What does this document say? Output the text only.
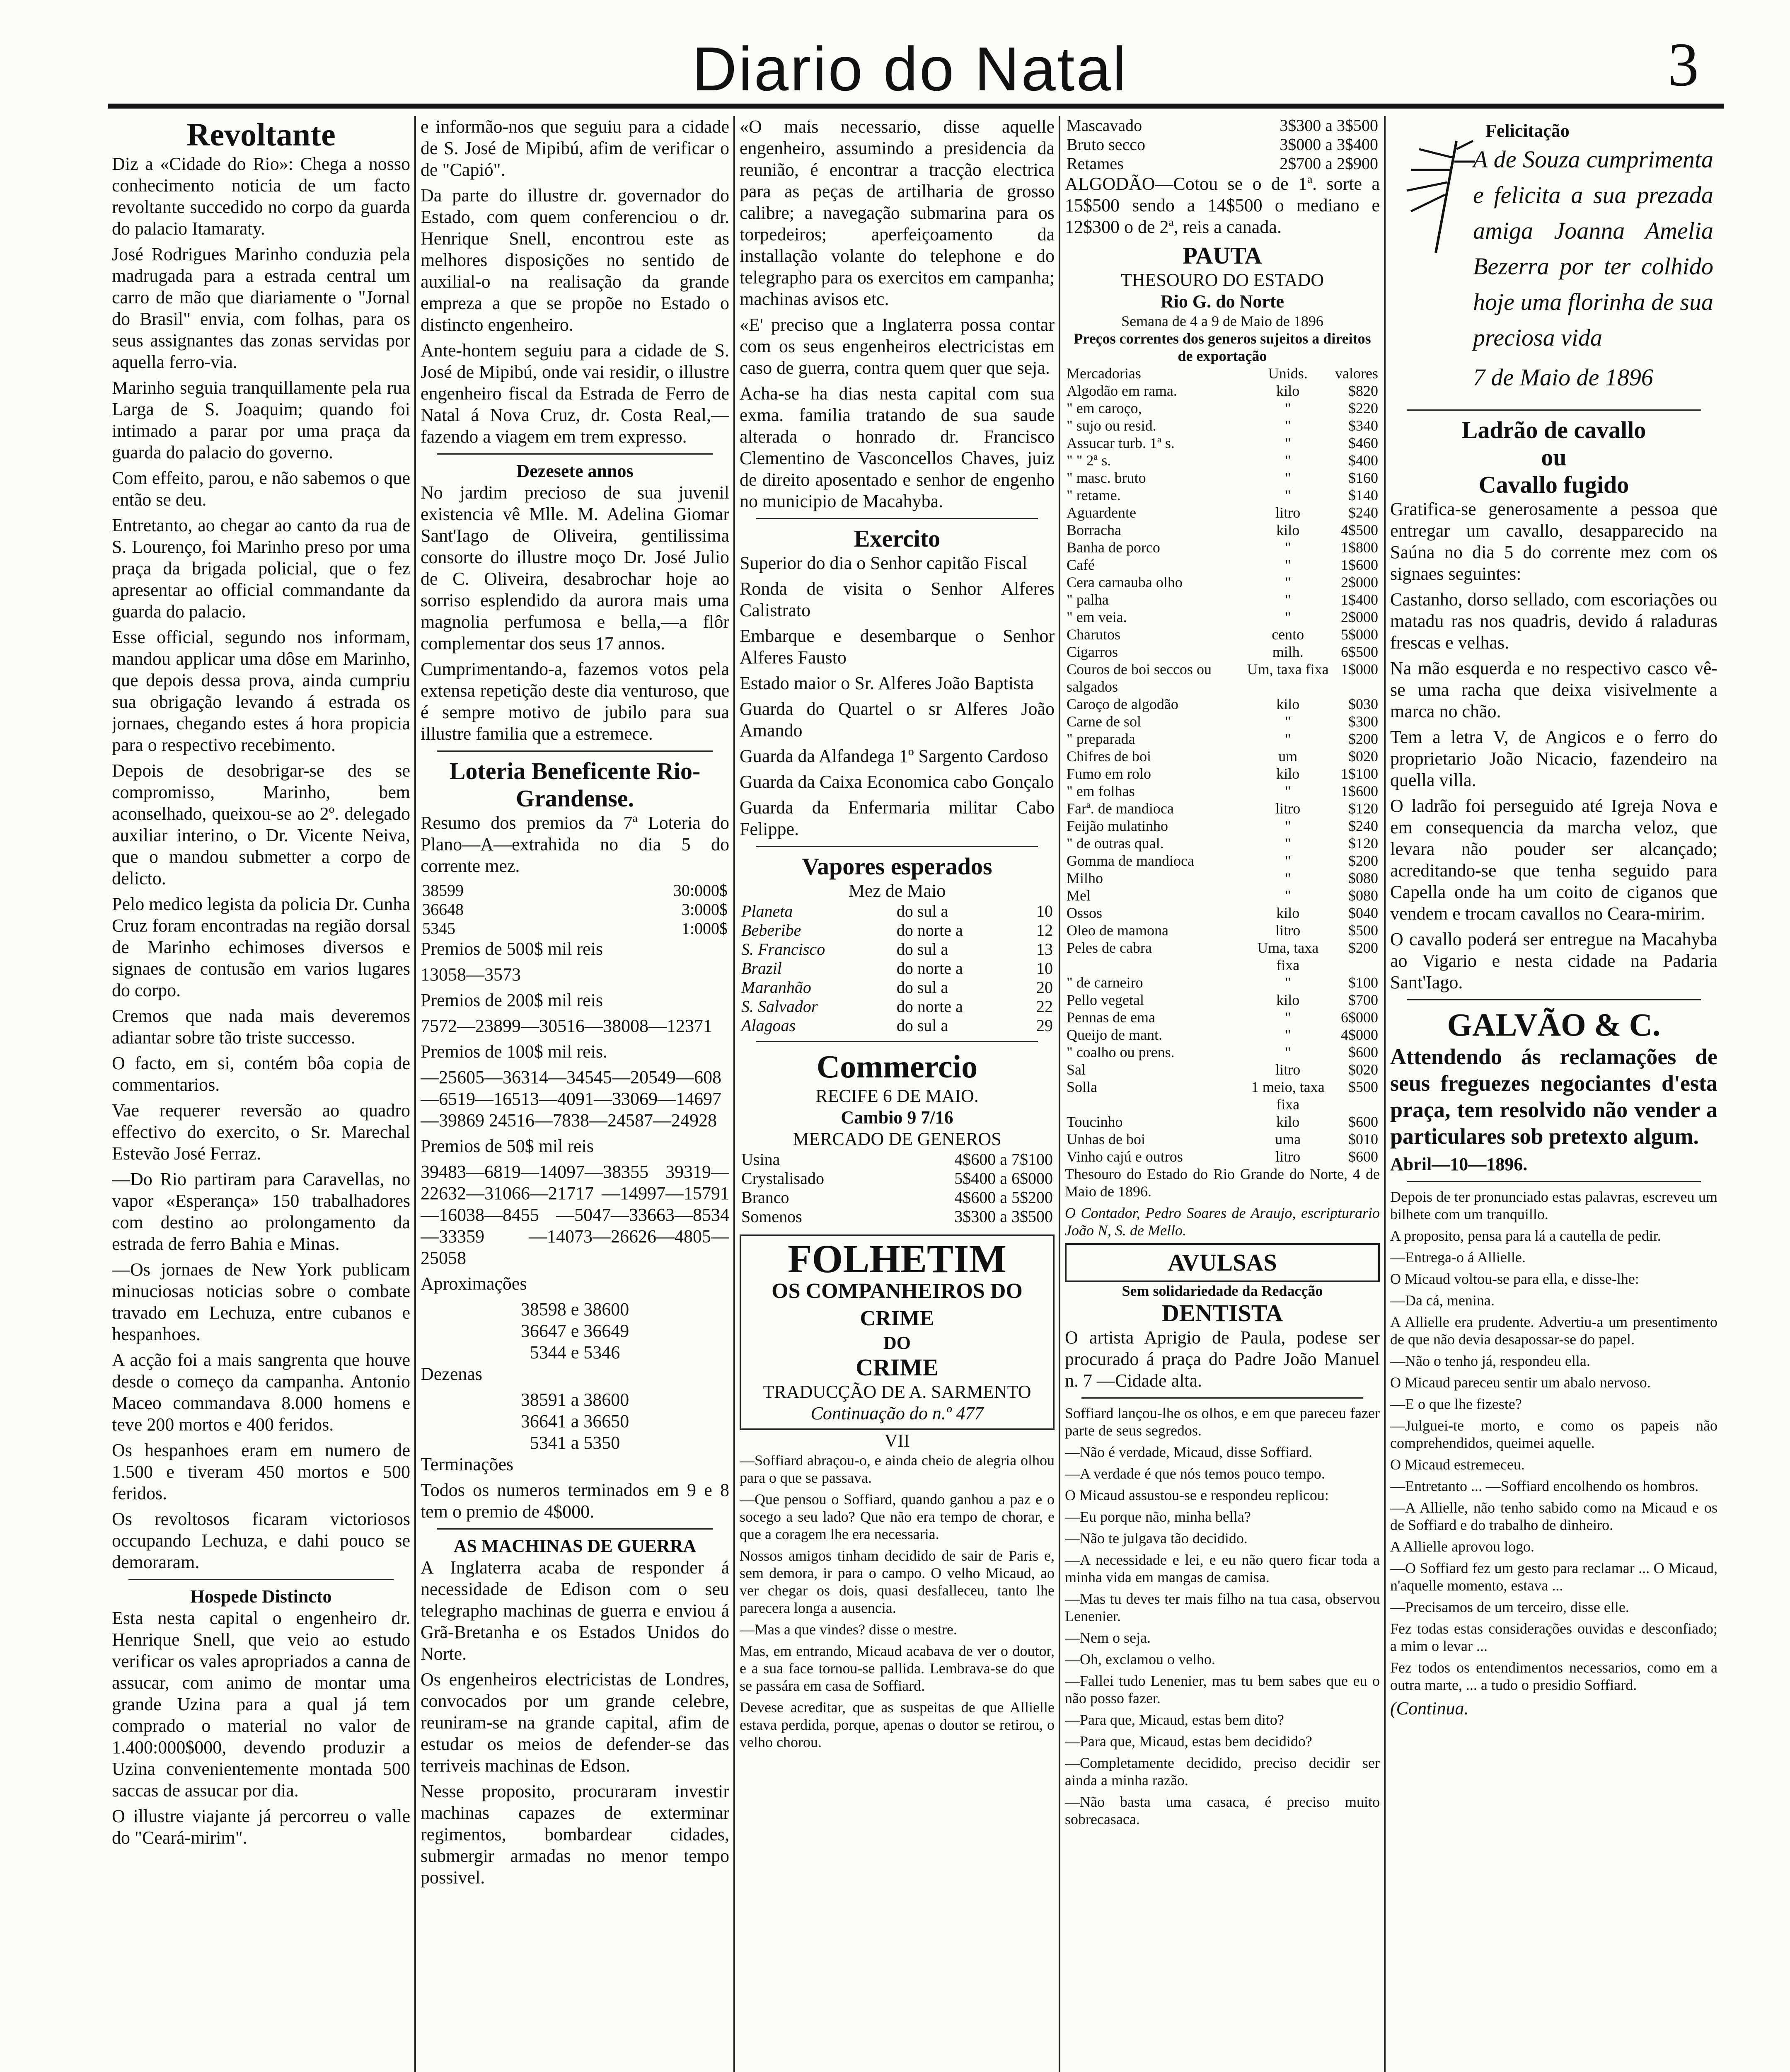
Diario do Natal	3
Revoltante

Diz a «Cidade do Rio»: Chega a nosso conhecimento noticia de um facto revoltante succedido no corpo da guarda do palacio Itamaraty.

José Rodrigues Marinho conduzia pela madrugada para a estrada central um carro de mão que diariamente o "Jornal do Brasil" envia, com folhas, para os seus assignantes das zonas servidas por aquella ferro-via.

Marinho seguia tranquillamente pela rua Larga de S. Joaquim; quando foi intimado a parar por uma praça da guarda do palacio do governo.

Com effeito, parou, e não sabemos o que então se deu.

Entretanto, ao chegar ao canto da rua de S. Lourenço, foi Marinho preso por uma praça da brigada policial, que o fez apresentar ao official commandante da guarda do palacio.

Esse official, segundo nos informam, mandou applicar uma dôse em Marinho, que depois dessa prova, ainda cumpriu sua obrigação levando á estrada os jornaes, chegando estes á hora propicia para o respectivo recebimento.

Depois de desobrigar-se des se compromisso, Marinho, bem aconselhado, queixou-se ao 2º. delegado auxiliar interino, o Dr. Vicente Neiva, que o mandou submetter a corpo de delicto.

Pelo medico legista da policia Dr. Cunha Cruz foram encontradas na região dorsal de Marinho echimoses diversos e signaes de contusão em varios lugares do corpo.

Cremos que nada mais deveremos adiantar sobre tão triste successo.

O facto, em si, contém bôa copia de commentarios.

Vae requerer reversão ao quadro effectivo do exercito, o Sr. Marechal Estevão José Ferraz.

—Do Rio partiram para Caravellas, no vapor «Esperança» 150 trabalhadores com destino ao prolongamento da estrada de ferro Bahia e Minas.

—Os jornaes de New York publicam minuciosas noticias sobre o combate travado em Lechuza, entre cubanos e hespanhoes.

A acção foi a mais sangrenta que houve desde o começo da campanha. Antonio Maceo commandava 8.000 homens e teve 200 mortos e 400 feridos.

Os hespanhoes eram em numero de 1.500 e tiveram 450 mortos e 500 feridos.

Os revoltosos ficaram victoriosos occupando Lechuza, e dahi pouco se demoraram.

Hospede Distincto

Esta nesta capital o engenheiro dr. Henrique Snell, que veio ao estudo verificar os vales apropriados a canna de assucar, com animo de montar uma grande Uzina para a qual já tem comprado o material no valor de 1.400:000$000, devendo produzir a Uzina convenientemente montada 500 saccas de assucar por dia.

O illustre viajante já percorreu o valle do "Ceará-mirim".

e informão-nos que seguiu para a cidade de S. José de Mipibú, afim de verificar o de "Capió".

Da parte do illustre dr. governador do Estado, com quem conferenciou o dr. Henrique Snell, encontrou este as melhores disposições no sentido de auxilial-o na realisação da grande empreza a que se propõe no Estado o distincto engenheiro.

Ante-hontem seguiu para a cidade de S. José de Mipibú, onde vai residir, o illustre engenheiro fiscal da Estrada de Ferro de Natal á Nova Cruz, dr. Costa Real,—fazendo a viagem em trem expresso.

Dezesete annos

No jardim precioso de sua juvenil existencia vê Mlle. M. Adelina Giomar Sant'Iago de Oliveira, gentilissima consorte do illustre moço Dr. José Julio de C. Oliveira, desabrochar hoje ao sorriso esplendido da aurora mais uma magnolia perfumosa e bella,—a flôr complementar dos seus 17 annos.

Cumprimentando-a, fazemos votos pela extensa repetição deste dia venturoso, que é sempre motivo de jubilo para sua illustre familia que a estremece.

Loteria Beneficente Rio-Grandense.

Resumo dos premios da 7ª Loteria do Plano—A—extrahida no dia 5 do corrente mez.

38599	30:000$
36648	3:000$
5345	1:000$

Premios de 500$ mil reis

13058—3573

Premios de 200$ mil reis

7572—23899—30516—38008—12371

Premios de 100$ mil reis.

—25605—36314—34545—20549—608—6519—16513—4091—33069—14697—39869 24516—7838—24587—24928

Premios de 50$ mil reis

39483—6819—14097—38355 39319—22632—31066—21717 —14997—15791—16038—8455 —5047—33663—8534—33359 —14073—26626—4805—25058

Aproximações

38598 e 38600
36647 e 36649
5344 e 5346

Dezenas

38591 a 38600
36641 a 36650
5341 a 5350

Terminações

Todos os numeros terminados em 9 e 8 tem o premio de 4$000.

AS MACHINAS DE GUERRA

A Inglaterra acaba de responder á necessidade de Edison com o seu telegrapho machinas de guerra e enviou á Grã-Bretanha e os Estados Unidos do Norte.

Os engenheiros electricistas de Londres, convocados por um grande celebre, reuniram-se na grande capital, afim de estudar os meios de defender-se das terriveis machinas de Edson.

Nesse proposito, procuraram investir machinas capazes de exterminar regimentos, bombardear cidades, submergir armadas no menor tempo possivel.

«O mais necessario, disse aquelle engenheiro, assumindo a presidencia da reunião, é encontrar a tracção electrica para as peças de artilharia de grosso calibre; a navegação submarina para os torpedeiros; aperfeiçoamento da installação volante do telephone e do telegrapho para os exercitos em campanha; machinas avisos etc.

«E' preciso que a Inglaterra possa contar com os seus engenheiros electricistas em caso de guerra, contra quem quer que seja.

Acha-se ha dias nesta capital com sua exma. familia tratando de sua saude alterada o honrado dr. Francisco Clementino de Vasconcellos Chaves, juiz de direito aposentado e senhor de engenho no municipio de Macahyba.

Exercito

Superior do dia o Senhor capitão Fiscal

Ronda de visita o Senhor Alferes Calistrato

Embarque e desembarque o Senhor Alferes Fausto

Estado maior o Sr. Alferes João Baptista

Guarda do Quartel o sr Alferes João Amando

Guarda da Alfandega 1º Sargento Cardoso

Guarda da Caixa Economica cabo Gonçalo

Guarda da Enfermaria militar Cabo Felippe.

Vapores esperados
Mez de Maio
Planeta	do sul a	10
Beberibe	do norte a	12
S. Francisco	do sul a	13
Brazil	do norte a	10
Maranhão	do sul a	20
S. Salvador	do norte a	22
Alagoas	do sul a	29
Commercio
RECIFE 6 DE MAIO.
Cambio 9 7/16
MERCADO DE GENEROS
Usina	4$600 a 7$100
Crystalisado	5$400 a 6$000
Branco	4$600 a 5$200
Somenos	3$300 a 3$500
FOLHETIM
OS COMPANHEIROS DO CRIME
DO
CRIME
TRADUCÇÃO DE A. SARMENTO
Continuação do n.º 477
VII

—Soffiard abraçou-o, e ainda cheio de alegria olhou para o que se passava.

—Que pensou o Soffiard, quando ganhou a paz e o socego a seu lado? Que não era tempo de chorar, e que a coragem lhe era necessaria.

Nossos amigos tinham decidido de sair de Paris e, sem demora, ir para o campo. O velho Micaud, ao ver chegar os dois, quasi desfalleceu, tanto lhe parecera longa a ausencia.

—Mas a que vindes? disse o mestre.

Mas, em entrando, Micaud acabava de ver o doutor, e a sua face tornou-se pallida. Lembrava-se do que se passára em casa de Soffiard.

Devese acreditar, que as suspeitas de que Allielle estava perdida, porque, apenas o doutor se retirou, o velho chorou.

Mascavado	3$300 a 3$500
Bruto secco	3$000 a 3$400
Retames	2$700 a 2$900

ALGODÃO—Cotou se o de 1ª. sorte a 15$500 sendo a 14$500 o mediano e 12$300 o de 2ª, reis a canada.

PAUTA
THESOURO DO ESTADO
Rio G. do Norte
Semana de 4 a 9 de Maio de 1896
Preços correntes dos generos sujeitos a direitos de exportação
Mercadorias	Unids.	valores
Algodão em rama.	kilo	$820
" em caroço,	"	$220
" sujo ou resid.	"	$340
Assucar turb. 1ª s.	"	$460
" " 2ª s.	"	$400
" masc. bruto	"	$160
" retame.	"	$140
Aguardente	litro	$240
Borracha	kilo	4$500
Banha de porco	"	1$800
Café	"	1$600
Cera carnauba olho	"	2$000
" palha	"	1$400
" em veia.	"	2$000
Charutos	cento	5$000
Cigarros	milh.	6$500
Couros de boi seccos ou salgados	Um, taxa fixa	1$000
Caroço de algodão	kilo	$030
Carne de sol	"	$300
" preparada	"	$200
Chifres de boi	um	$020
Fumo em rolo	kilo	1$100
" em folhas	"	1$600
Farª. de mandioca	litro	$120
Feijão mulatinho	"	$240
" de outras qual.	"	$120
Gomma de mandioca	"	$200
Milho	"	$080
Mel	"	$080
Ossos	kilo	$040
Oleo de mamona	litro	$500
Peles de cabra	Uma, taxa fixa	$200
" de carneiro	"	$100
Pello vegetal	kilo	$700
Pennas de ema	"	6$000
Queijo de mant.	"	4$000
" coalho ou prens.	"	$600
Sal	litro	$020
Solla	1 meio, taxa fixa	$500
Toucinho	kilo	$600
Unhas de boi	uma	$010
Vinho cajú e outros	litro	$600

Thesouro do Estado do Rio Grande do Norte, 4 de Maio de 1896.

O Contador, Pedro Soares de Araujo, escripturario João N, S. de Mello.

AVULSAS
Sem solidariedade da Redacção
DENTISTA

O artista Aprigio de Paula, podese ser procurado á praça do Padre João Manuel n. 7 —Cidade alta.

Soffiard lançou-lhe os olhos, e em que pareceu fazer parte de seus segredos.

—Não é verdade, Micaud, disse Soffiard.

—A verdade é que nós temos pouco tempo.

O Micaud assustou-se e respondeu replicou:

—Eu porque não, minha bella?

—Não te julgava tão decidido.

—A necessidade e lei, e eu não quero ficar toda a minha vida em mangas de camisa.

—Mas tu deves ter mais filho na tua casa, observou Lenenier.

—Nem o seja.

—Oh, exclamou o velho.

—Fallei tudo Lenenier, mas tu bem sabes que eu o não posso fazer.

—Para que, Micaud, estas bem dito?

—Para que, Micaud, estas bem decidido?

—Completamente decidido, preciso decidir ser ainda a minha razão.

—Não basta uma casaca, é preciso muito sobrecasaca.

Felicitação

A de Souza cumprimenta e felicita a sua prezada amiga Joanna Amelia Bezerra por ter colhido hoje uma florinha de sua preciosa vida

7 de Maio de 1896

Ladrão de cavallo
ou
Cavallo fugido

Gratifica-se generosamente a pessoa que entregar um cavallo, desapparecido na Saúna no dia 5 do corrente mez com os signaes seguintes:

Castanho, dorso sellado, com escoriações ou matadu ras nos quadris, devido á raladuras frescas e velhas.

Na mão esquerda e no respectivo casco vê-se uma racha que deixa visivelmente a marca no chão.

Tem a letra V, de Angicos e o ferro do proprietario João Nicacio, fazendeiro na quella villa.

O ladrão foi perseguido até Igreja Nova e em consequencia da marcha veloz, que levara não pouder ser alcançado; acreditando-se que tenha seguido para Capella onde ha um coito de ciganos que vendem e trocam cavallos no Ceara-mirim.

O cavallo poderá ser entregue na Macahyba ao Vigario e nesta cidade na Padaria Sant'Iago.

GALVÃO & C.

Attendendo ás reclamações de seus freguezes negociantes d'esta praça, tem resolvido não vender a particulares sob pretexto algum.

Abril—10—1896.

Depois de ter pronunciado estas palavras, escreveu um bilhete com um tranquillo.

A proposito, pensa para lá a cautella de pedir.

—Entrega-o á Allielle.

O Micaud voltou-se para ella, e disse-lhe:

—Da cá, menina.

A Allielle era prudente. Advertiu-a um presentimento de que não devia desapossar-se do papel.

—Não o tenho já, respondeu ella.

O Micaud pareceu sentir um abalo nervoso.

—E o que lhe fizeste?

—Julguei-te morto, e como os papeis não comprehendidos, queimei aquelle.

O Micaud estremeceu.

—Entretanto ... —Soffiard encolhendo os hombros.

—A Allielle, não tenho sabido como na Micaud e os de Soffiard e do trabalho de dinheiro.

A Allielle aprovou logo.

—O Soffiard fez um gesto para reclamar ... O Micaud, n'aquelle momento, estava ...

—Precisamos de um terceiro, disse elle.

Fez todas estas considerações ouvidas e desconfiado; a mim o levar ...

Fez todos os entendimentos necessarios, como em a outra marte, ... a tudo o presidio Soffiard.

(Continua.
